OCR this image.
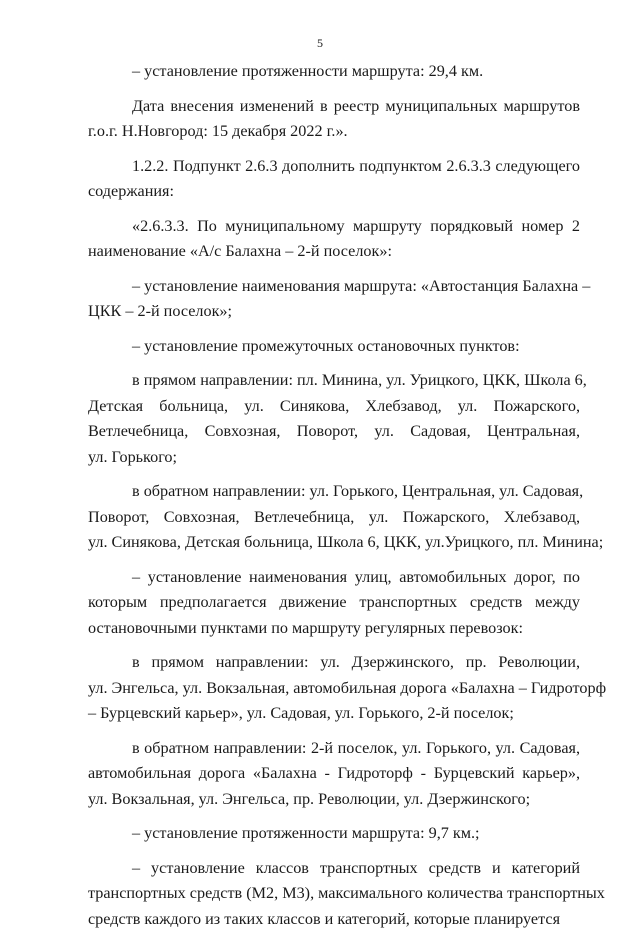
5

– установление протяженности маршрута: 29,4 км.

Дата внесения изменений в реестр муниципальных маршрутов
г.о.г. Н.Новгород: 15 декабря 2022 г.».

1.2.2. Подпункт 2.6.3 дополнить подпунктом 2.6.3.3 следующего
содержания:

«2.6.3.3. По муниципальному маршруту порядковый номер 2
наименование «А/с Балахна – 2-й поселок»:

– установление наименования маршрута: «Автостанция Балахна –
ЦКК – 2-й поселок»;

– установление промежуточных остановочных пунктов:

в прямом направлении: пл. Минина, ул. Урицкого, ЦКК, Школа 6,
Детская больница, ул. Синякова, Хлебзавод, ул. Пожарского,
Ветлечебница, Совхозная, Поворот, ул. Садовая, Центральная,
ул. Горького;

в обратном направлении: ул. Горького, Центральная, ул. Садовая,
Поворот, Совхозная, Ветлечебница, ул. Пожарского, Хлебзавод,
ул. Синякова, Детская больница, Школа 6, ЦКК, ул.Урицкого, пл. Минина;

– установление наименования улиц, автомобильных дорог, по
которым предполагается движение транспортных средств между
остановочными пунктами по маршруту регулярных перевозок:

в прямом направлении: ул. Дзержинского, пр. Революции,
ул. Энгельса, ул. Вокзальная, автомобильная дорога «Балахна – Гидроторф
– Бурцевский карьер», ул. Садовая, ул. Горького, 2-й поселок;

в обратном направлении: 2-й поселок, ул. Горького, ул. Садовая,
автомобильная дорога «Балахна - Гидроторф - Бурцевский карьер»,
ул. Вокзальная, ул. Энгельса, пр. Революции, ул. Дзержинского;

– установление протяженности маршрута: 9,7 км.;

– установление классов транспортных средств и категорий
транспортных средств (М2, М3), максимального количества транспортных
средств каждого из таких классов и категорий, которые планируется
